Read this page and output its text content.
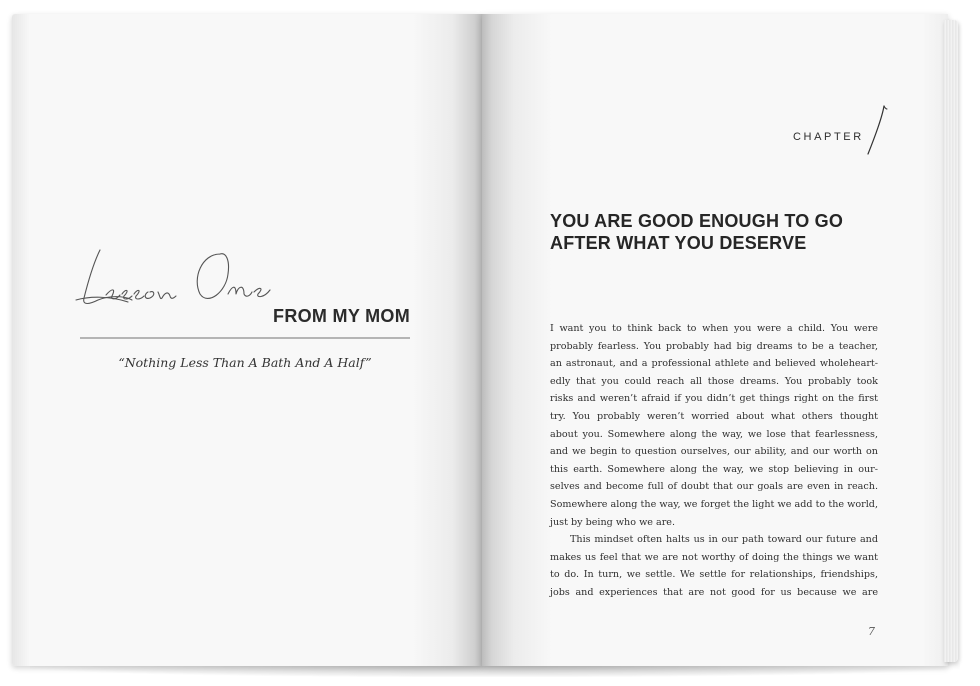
FROM MY MOM
“Nothing Less Than A Bath And A Half”
CHAPTER
YOU ARE GOOD ENOUGH TO GO
AFTER WHAT YOU DESERVE
I want you to think back to when you were a child. You were
probably fearless. You probably had big dreams to be a teacher,
an astronaut, and a professional athlete and believed wholeheart-
edly that you could reach all those dreams. You probably took
risks and weren’t afraid if you didn’t get things right on the first
try. You probably weren’t worried about what others thought
about you. Somewhere along the way, we lose that fearlessness,
and we begin to question ourselves, our ability, and our worth on
this earth. Somewhere along the way, we stop believing in our-
selves and become full of doubt that our goals are even in reach.
Somewhere along the way, we forget the light we add to the world,
just by being who we are.
This mindset often halts us in our path toward our future and
makes us feel that we are not worthy of doing the things we want
to do. In turn, we settle. We settle for relationships, friendships,
jobs and experiences that are not good for us because we are
7
